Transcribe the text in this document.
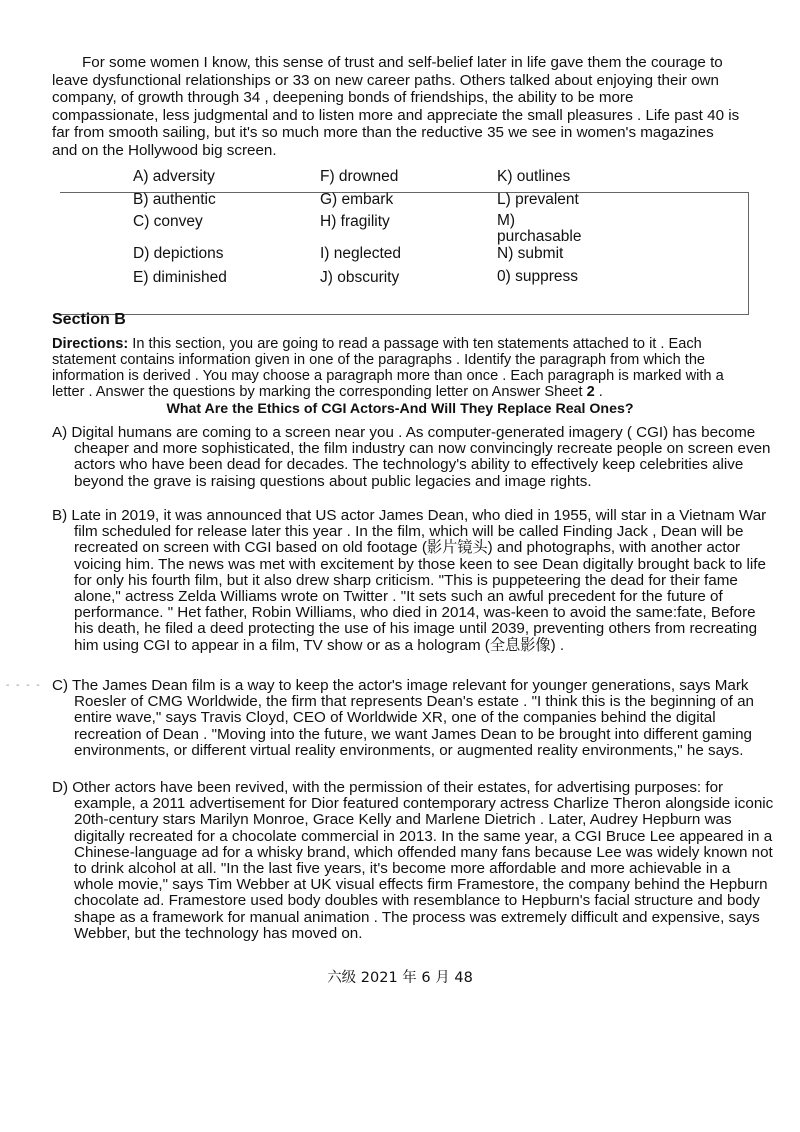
For some women I know, this sense of trust and self-belief later in life gave them the courage to leave dysfunctional relationships or 33 on new career paths. Others talked about enjoying their own company, of growth through 34 , deepening bonds of friendships, the ability to be more compassionate, less judgmental and to listen more and appreciate the small pleasures . Life past 40 is far from smooth sailing, but it's so much more than the reductive 35 we see in women's magazines and on the Hollywood big screen.

A) adversity
B) authentic
C) convey
D) depictions
E) diminished
F) drowned
G) embark
H) fragility
I) neglected
J) obscurity
K) outlines
L) prevalent
M) purchasable
N) submit
0) suppress
Section B

Directions: In this section, you are going to read a passage with ten statements attached to it . Each statement contains information given in one of the paragraphs . Identify the paragraph from which the information is derived . You may choose a paragraph more than once . Each paragraph is marked with a letter . Answer the questions by marking the corresponding letter on Answer Sheet 2 .

What Are the Ethics of CGI Actors-And Will They Replace Real Ones?

A) Digital humans are coming to a screen near you . As computer-generated imagery ( CGI) has become cheaper and more sophisticated, the film industry can now convincingly recreate people on screen even actors who have been dead for decades. The technology's ability to effectively keep celebrities alive beyond the grave is raising questions about public legacies and image rights.

B) Late in 2019, it was announced that US actor James Dean, who died in 1955, will star in a Vietnam War film scheduled for release later this year . In the film, which will be called Finding Jack , Dean will be recreated on screen with CGI based on old footage (影片镜头) and photographs, with another actor voicing him. The news was met with excitement by those keen to see Dean digitally brought back to life for only his fourth film, but it also drew sharp criticism. "This is puppeteering the dead for their fame alone," actress Zelda Williams wrote on Twitter . "It sets such an awful precedent for the future of performance. " Het father, Robin Williams, who died in 2014, was-keen to avoid the same:fate, Before his death, he filed a deed protecting the use of his image until 2039, preventing others from recreating him using CGI to appear in a film, TV show or as a hologram (全息影像) .

C) The James Dean film is a way to keep the actor's image relevant for younger generations, says Mark Roesler of CMG Worldwide, the firm that represents Dean's estate . "I think this is the beginning of an entire wave," says Travis Cloyd, CEO of Worldwide XR, one of the companies behind the digital recreation of Dean . "Moving into the future, we want James Dean to be brought into different gaming environments, or different virtual reality environments, or augmented reality environments," he says.

D) Other actors have been revived, with the permission of their estates, for advertising purposes: for example, a 2011 advertisement for Dior featured contemporary actress Charlize Theron alongside iconic 20th-century stars Marilyn Monroe, Grace Kelly and Marlene Dietrich . Later, Audrey Hepburn was digitally recreated for a chocolate commercial in 2013. In the same year, a CGI Bruce Lee appeared in a Chinese-language ad for a whisky brand, which offended many fans because Lee was widely known not to drink alcohol at all. "In the last five years, it's become more affordable and more achievable in a whole movie," says Tim Webber at UK visual effects firm Framestore, the company behind the Hepburn chocolate ad. Framestore used body doubles with resemblance to Hepburn's facial structure and body shape as a framework for manual animation . The process was extremely difficult and expensive, says Webber, but the technology has moved on.

- - - -
六级 2021 年 6 月 48
